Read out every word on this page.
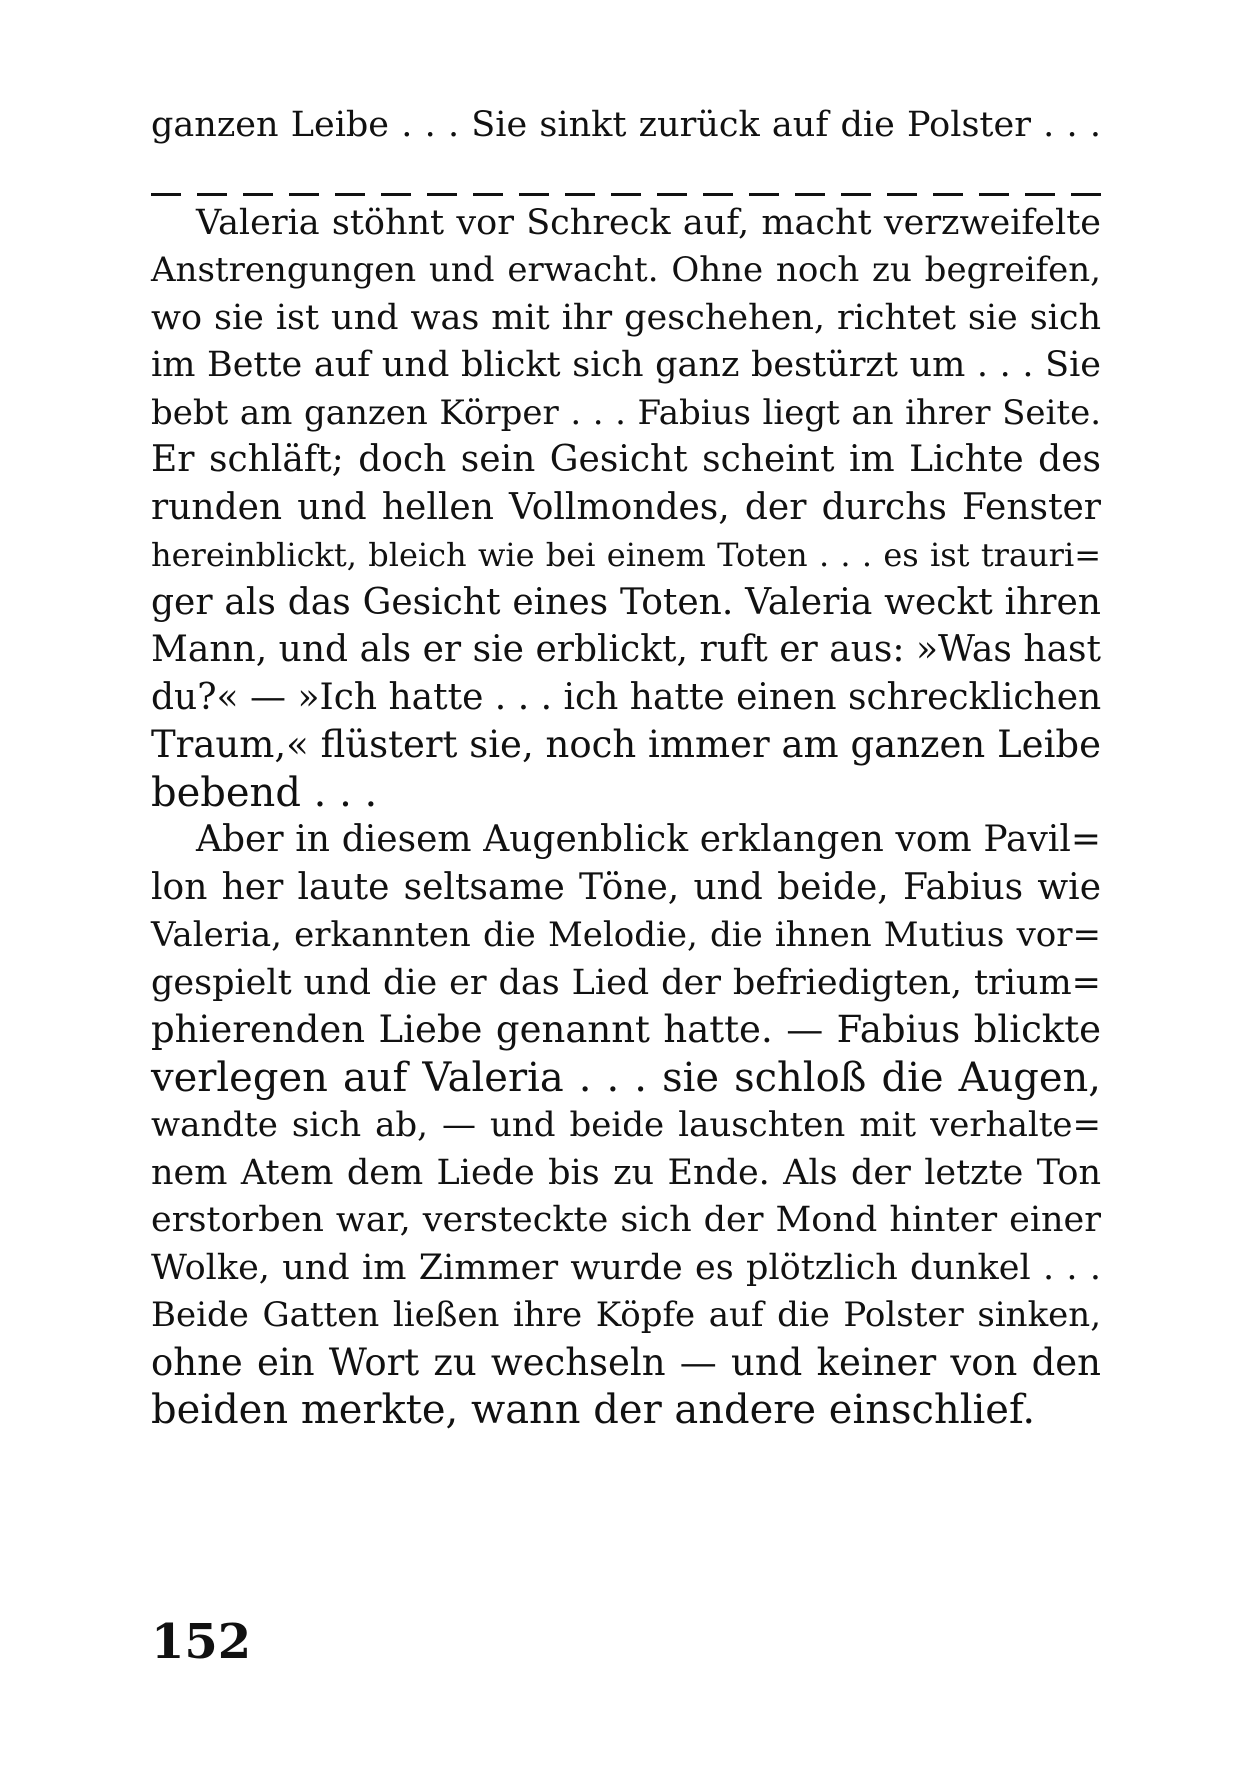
ganzen Leibe . . . Sie sinkt zurück auf die Polster . . .
Valeria stöhnt vor Schreck auf, macht verzweifelte
Anstrengungen und erwacht. Ohne noch zu begreifen,
wo sie ist und was mit ihr geschehen, richtet sie sich
im Bette auf und blickt sich ganz bestürzt um . . . Sie
bebt am ganzen Körper . . . Fabius liegt an ihrer Seite.
Er schläft; doch sein Gesicht scheint im Lichte des
runden und hellen Vollmondes, der durchs Fenster
hereinblickt, bleich wie bei einem Toten . . . es ist trauri=
ger als das Gesicht eines Toten. Valeria weckt ihren
Mann, und als er sie erblickt, ruft er aus: »Was hast
du?« — »Ich hatte . . . ich hatte einen schrecklichen
Traum,« flüstert sie, noch immer am ganzen Leibe
bebend . . .
Aber in diesem Augenblick erklangen vom Pavil=
lon her laute seltsame Töne, und beide, Fabius wie
Valeria, erkannten die Melodie, die ihnen Mutius vor=
gespielt und die er das Lied der befriedigten, trium=
phierenden Liebe genannt hatte. — Fabius blickte
verlegen auf Valeria . . . sie schloß die Augen,
wandte sich ab, — und beide lauschten mit verhalte=
nem Atem dem Liede bis zu Ende. Als der letzte Ton
erstorben war, versteckte sich der Mond hinter einer
Wolke, und im Zimmer wurde es plötzlich dunkel . . .
Beide Gatten ließen ihre Köpfe auf die Polster sinken,
ohne ein Wort zu wechseln — und keiner von den
beiden merkte, wann der andere einschlief.
152
